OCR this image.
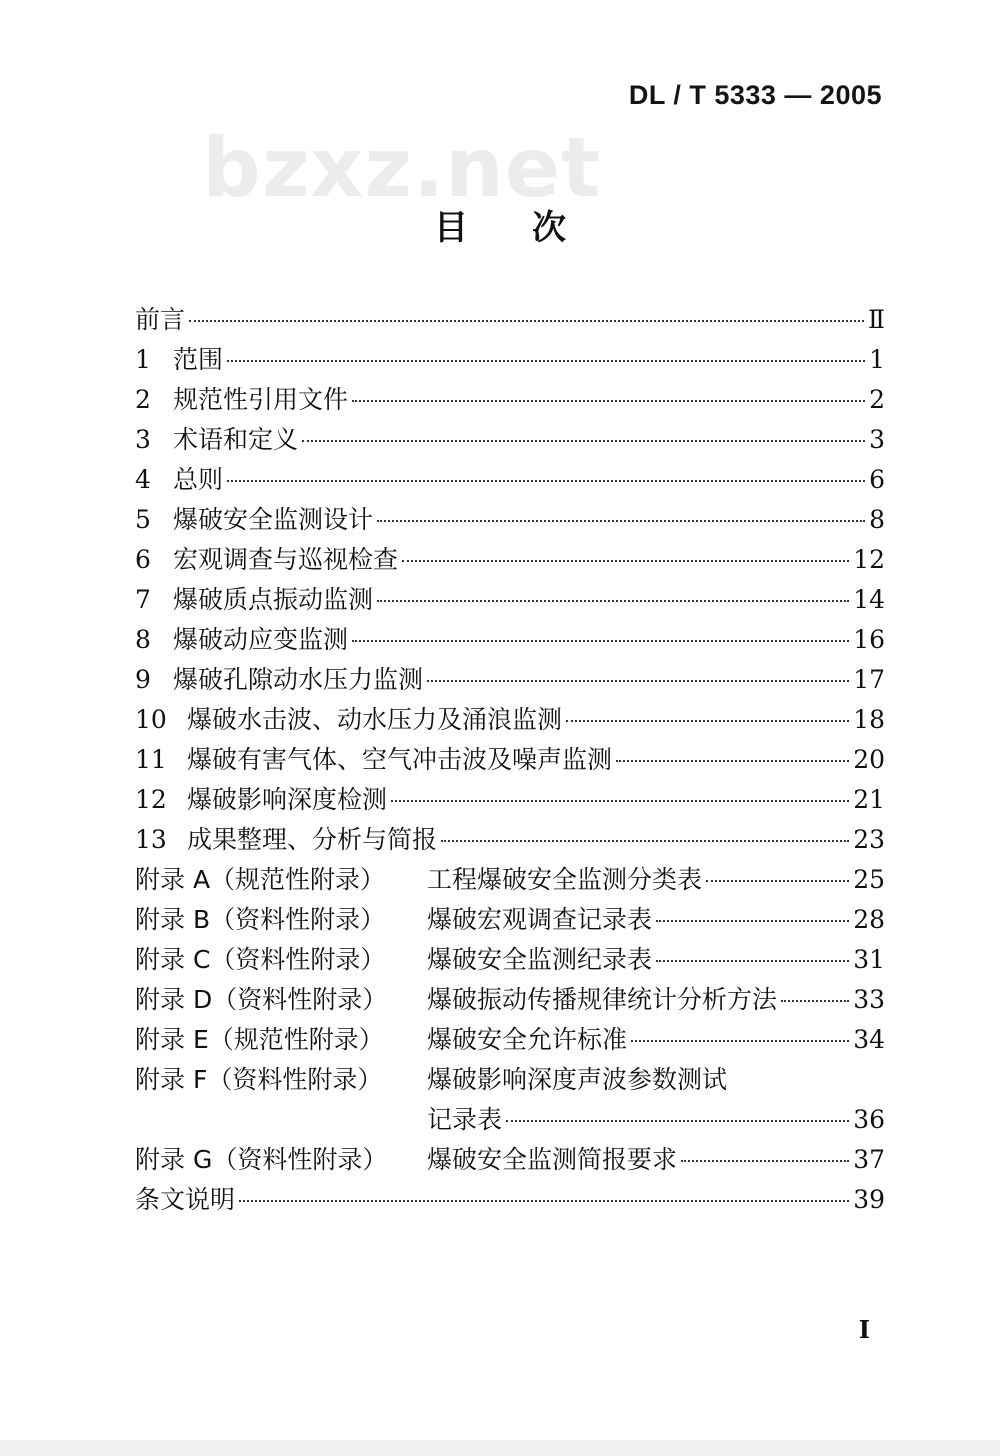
DL / T 5333 — 2005
bzxz.net
目次
前言	Ⅱ
1 范围	1
2 规范性引用文件	2
3 术语和定义	3
4 总则	6
5 爆破安全监测设计	8
6 宏观调查与巡视检查	12
7 爆破质点振动监测	14
8 爆破动应变监测	16
9 爆破孔隙动水压力监测	17
10 爆破水击波、动水压力及涌浪监测	18
11 爆破有害气体、空气冲击波及噪声监测	20
12 爆破影响深度检测	21
13 成果整理、分析与简报	23
附录 A（规范性附录）	工程爆破安全监测分类表	25
附录 B（资料性附录）	爆破宏观调查记录表	28
附录 C（资料性附录）	爆破安全监测纪录表	31
附录 D（资料性附录）	爆破振动传播规律统计分析方法	33
附录 E（规范性附录）	爆破安全允许标准	34
附录 F（资料性附录）	爆破影响深度声波参数测试
记录表	36
附录 G（资料性附录）	爆破安全监测简报要求	37
条文说明	39
I
